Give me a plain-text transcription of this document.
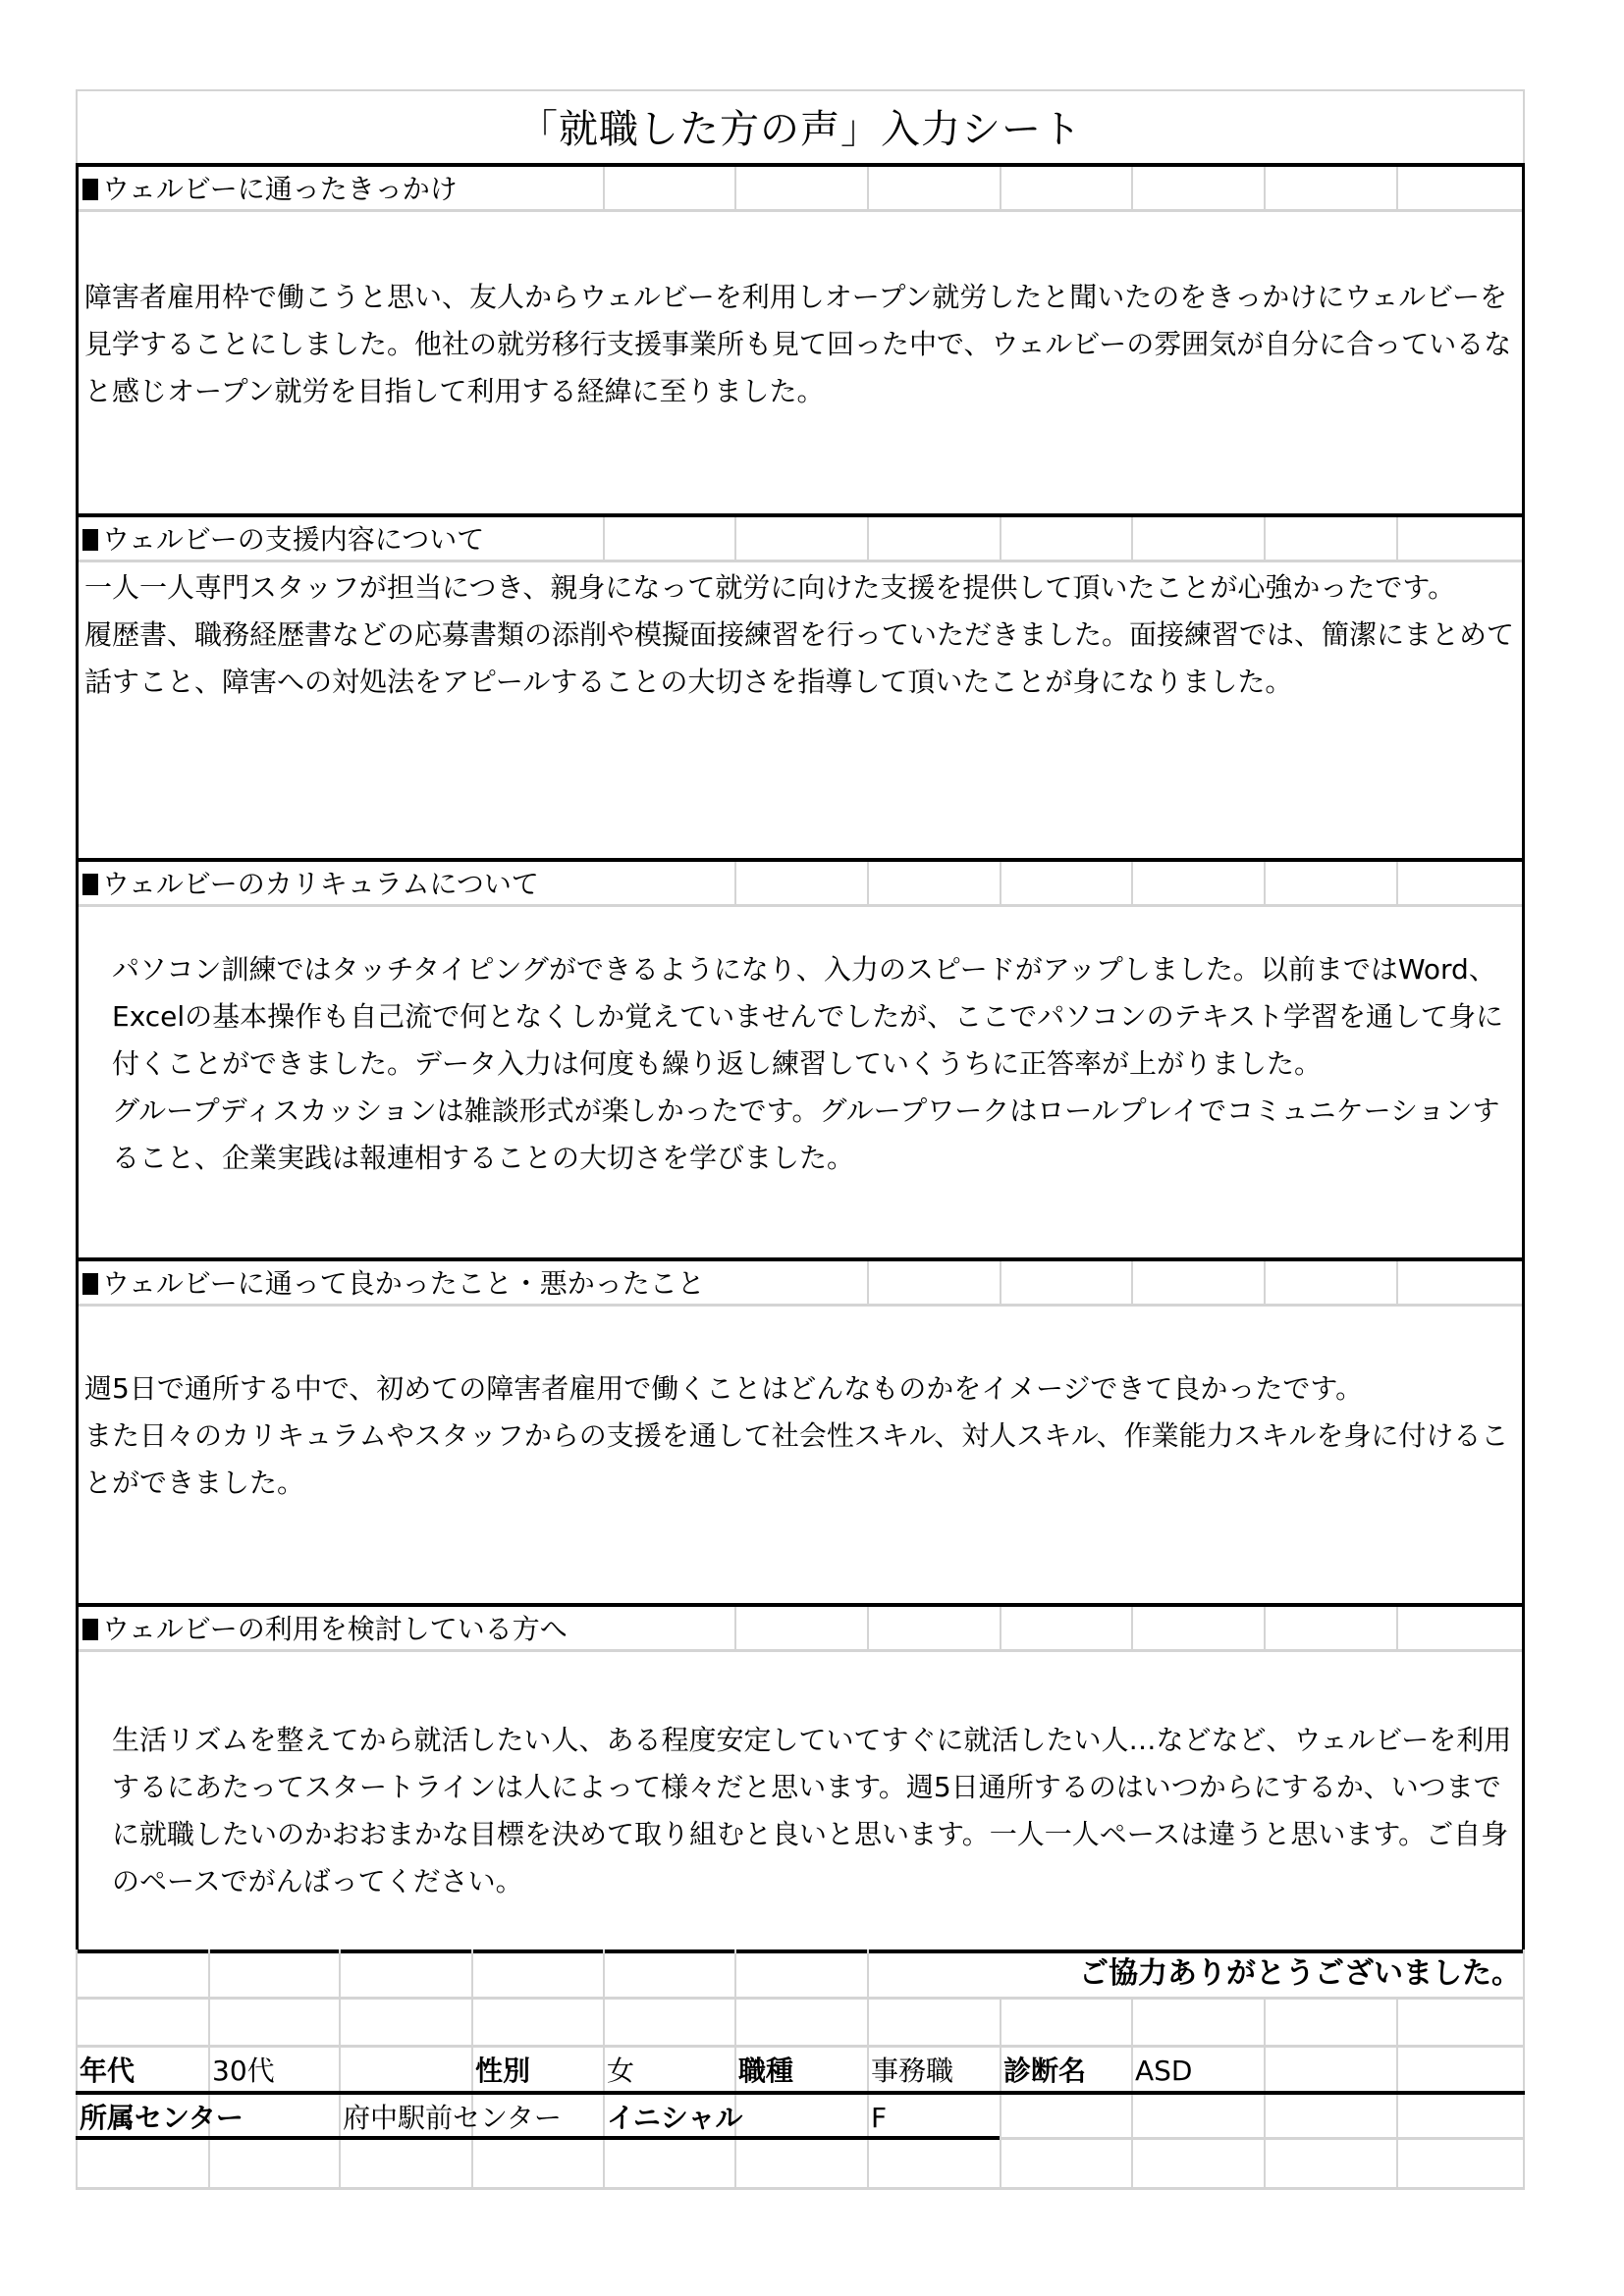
「就職した方の声」入力シート
ウェルビーに通ったきっかけ

障害者雇用枠で働こうと思い、友人からウェルビーを利用しオープン就労したと聞いたのをきっかけにウェルビーを見学することにしました。他社の就労移行支援事業所も見て回った中で、ウェルビーの雰囲気が自分に合っているなと感じオープン就労を目指して利用する経緯に至りました。

ウェルビーの支援内容について

一人一人専門スタッフが担当につき、親身になって就労に向けた支援を提供して頂いたことが心強かったです。

履歴書、職務経歴書などの応募書類の添削や模擬面接練習を行っていただきました。面接練習では、簡潔にまとめて話すこと、障害への対処法をアピールすることの大切さを指導して頂いたことが身になりました。

ウェルビーのカリキュラムについて

パソコン訓練ではタッチタイピングができるようになり、入力のスピードがアップしました。以前まではWord、Excelの基本操作も自己流で何となくしか覚えていませんでしたが、ここでパソコンのテキスト学習を通して身に付くことができました。データ入力は何度も繰り返し練習していくうちに正答率が上がりました。

グループディスカッションは雑談形式が楽しかったです。グループワークはロールプレイでコミュニケーションすること、企業実践は報連相することの大切さを学びました。

ウェルビーに通って良かったこと・悪かったこと

週5日で通所する中で、初めての障害者雇用で働くことはどんなものかをイメージできて良かったです。

また日々のカリキュラムやスタッフからの支援を通して社会性スキル、対人スキル、作業能力スキルを身に付けることができました。

ウェルビーの利用を検討している方へ

生活リズムを整えてから就活したい人、ある程度安定していてすぐに就活したい人…などなど、ウェルビーを利用するにあたってスタートラインは人によって様々だと思います。週5日通所するのはいつからにするか、いつまでに就職したいのかおおまかな目標を決めて取り組むと良いと思います。一人一人ペースは違うと思います。ご自身のペースでがんばってください。

ご協力ありがとうございました。
年代	30代	性別	女	職種	事務職 診断名 ASD
所属センター	府中駅前センター イニシャル	F
